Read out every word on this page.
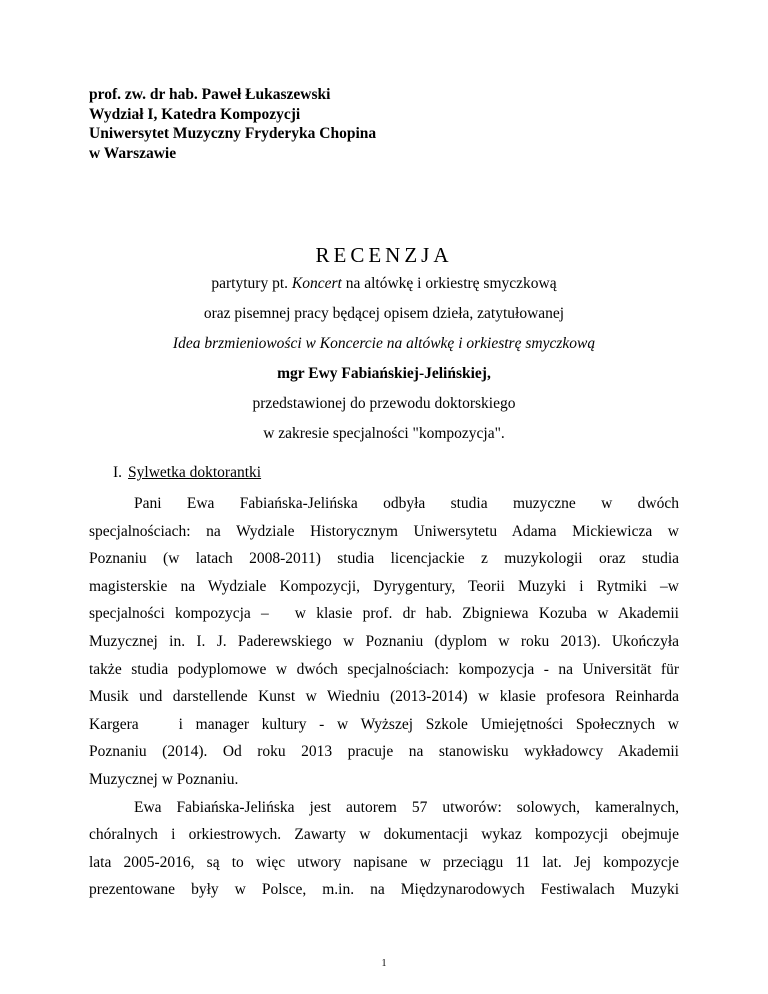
prof. zw. dr hab. Paweł Łukaszewski
Wydział I, Katedra Kompozycji
Uniwersytet Muzyczny Fryderyka Chopina
w Warszawie
RECENZJA
partytury pt. Koncert na altówkę i orkiestrę smyczkową
oraz pisemnej pracy będącej opisem dzieła, zatytułowanej
Idea brzmieniowości w Koncercie na altówkę i orkiestrę smyczkową
mgr Ewy Fabiańskiej-Jelińskiej,
przedstawionej do przewodu doktorskiego
w zakresie specjalności "kompozycja".
I. Sylwetka doktorantki
Pani Ewa Fabiańska-Jelińska odbyła studia muzyczne w dwóch
specjalnościach: na Wydziale Historycznym Uniwersytetu Adama Mickiewicza w
Poznaniu (w latach 2008-2011) studia licencjackie z muzykologii oraz studia
magisterskie na Wydziale Kompozycji, Dyrygentury, Teorii Muzyki i Rytmiki –w
specjalności kompozycja – w klasie prof. dr hab. Zbigniewa Kozuba w Akademii
Muzycznej in. I. J. Paderewskiego w Poznaniu (dyplom w roku 2013). Ukończyła
także studia podyplomowe w dwóch specjalnościach: kompozycja - na Universität für
Musik und darstellende Kunst w Wiedniu (2013-2014) w klasie profesora Reinharda
Kargera	i manager kultury - w Wyższej Szkole Umiejętności Społecznych w
Poznaniu (2014). Od roku 2013 pracuje na stanowisku wykładowcy Akademii
Muzycznej w Poznaniu.
Ewa Fabiańska-Jelińska jest autorem 57 utworów: solowych, kameralnych,
chóralnych i orkiestrowych. Zawarty w dokumentacji wykaz kompozycji obejmuje
lata 2005-2016, są to więc utwory napisane w przeciągu 11 lat. Jej kompozycje
prezentowane były w Polsce, m.in. na Międzynarodowych Festiwalach Muzyki
1
